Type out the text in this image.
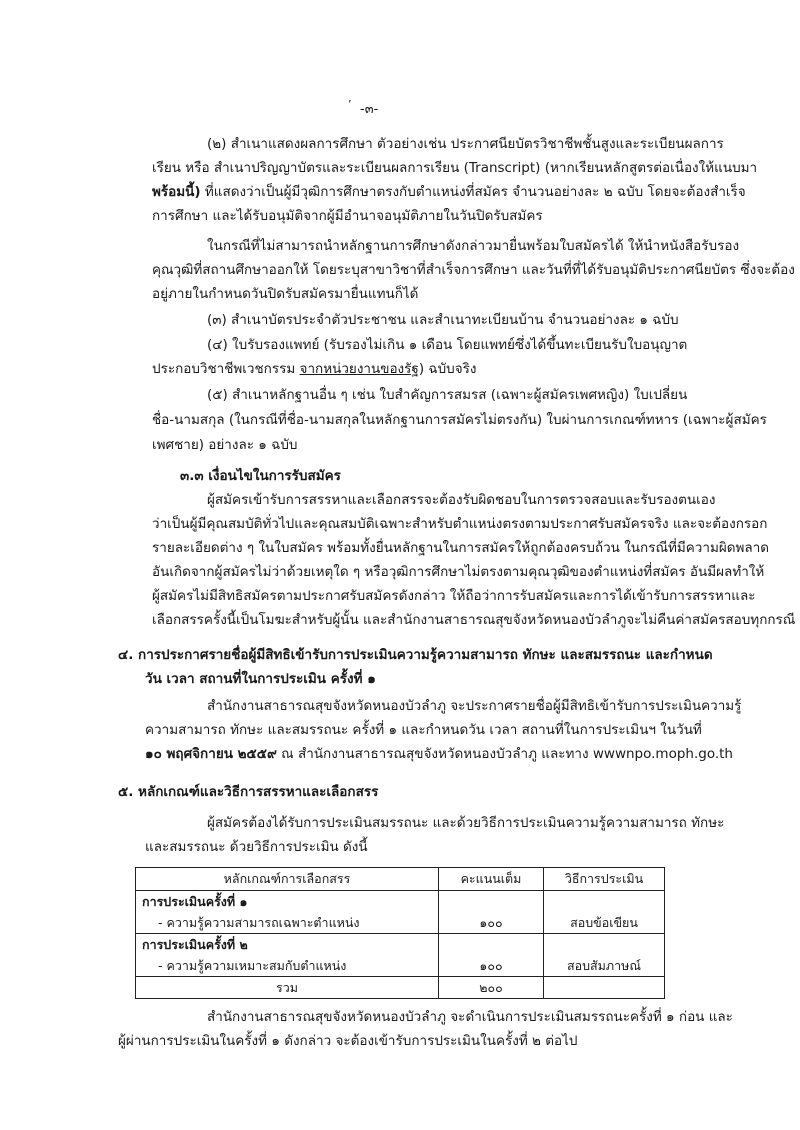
’ -๓-
(๒) สำเนาแสดงผลการศึกษา ตัวอย่างเช่น ประกาศนียบัตรวิชาชีพชั้นสูงและระเบียนผลการ
เรียน หรือ สำเนาปริญญาบัตรและระเบียนผลการเรียน (Transcript) (หากเรียนหลักสูตรต่อเนื่องให้แนบมา
พร้อมนี้) ที่แสดงว่าเป็นผู้มีวุฒิการศึกษาตรงกับตำแหน่งที่สมัคร จำนวนอย่างละ ๒ ฉบับ โดยจะต้องสำเร็จ
การศึกษา และได้รับอนุมัติจากผู้มีอำนาจอนุมัติภายในวันปิดรับสมัคร
ในกรณีที่ไม่สามารถนำหลักฐานการศึกษาดังกล่าวมายื่นพร้อมใบสมัครได้ ให้นำหนังสือรับรอง
คุณวุฒิที่สถานศึกษาออกให้ โดยระบุสาขาวิชาที่สำเร็จการศึกษา และวันที่ที่ได้รับอนุมัติประกาศนียบัตร ซึ่งจะต้อง
อยู่ภายในกำหนดวันปิดรับสมัครมายื่นแทนก็ได้
(๓) สำเนาบัตรประจำตัวประชาชน และสำเนาทะเบียนบ้าน จำนวนอย่างละ ๑ ฉบับ
(๔) ใบรับรองแพทย์ (รับรองไม่เกิน ๑ เดือน โดยแพทย์ซึ่งได้ขึ้นทะเบียนรับใบอนุญาต
ประกอบวิชาชีพเวชกรรม จากหน่วยงานของรัฐ) ฉบับจริง
(๕) สำเนาหลักฐานอื่น ๆ เช่น ใบสำคัญการสมรส (เฉพาะผู้สมัครเพศหญิง) ใบเปลี่ยน
ชื่อ-นามสกุล (ในกรณีที่ชื่อ-นามสกุลในหลักฐานการสมัครไม่ตรงกัน) ใบผ่านการเกณฑ์ทหาร (เฉพาะผู้สมัคร
เพศชาย) อย่างละ ๑ ฉบับ
๓.๓ เงื่อนไขในการรับสมัคร
ผู้สมัครเข้ารับการสรรหาและเลือกสรรจะต้องรับผิดชอบในการตรวจสอบและรับรองตนเอง
ว่าเป็นผู้มีคุณสมบัติทั่วไปและคุณสมบัติเฉพาะสำหรับตำแหน่งตรงตามประกาศรับสมัครจริง และจะต้องกรอก
รายละเอียดต่าง ๆ ในใบสมัคร พร้อมทั้งยื่นหลักฐานในการสมัครให้ถูกต้องครบถ้วน ในกรณีที่มีความผิดพลาด
อันเกิดจากผู้สมัครไม่ว่าด้วยเหตุใด ๆ หรือวุฒิการศึกษาไม่ตรงตามคุณวุฒิของตำแหน่งที่สมัคร อันมีผลทำให้
ผู้สมัครไม่มีสิทธิสมัครตามประกาศรับสมัครดังกล่าว ให้ถือว่าการรับสมัครและการได้เข้ารับการสรรหาและ
เลือกสรรครั้งนี้เป็นโมฆะสำหรับผู้นั้น และสำนักงานสาธารณสุขจังหวัดหนองบัวลำภูจะไม่คืนค่าสมัครสอบทุกกรณี
๔. การประกาศรายชื่อผู้มีสิทธิเข้ารับการประเมินความรู้ความสามารถ ทักษะ และสมรรถนะ และกำหนด
วัน เวลา สถานที่ในการประเมิน ครั้งที่ ๑
สำนักงานสาธารณสุขจังหวัดหนองบัวลำภู จะประกาศรายชื่อผู้มีสิทธิเข้ารับการประเมินความรู้
ความสามารถ ทักษะ และสมรรถนะ ครั้งที่ ๑ และกำหนดวัน เวลา สถานที่ในการประเมินฯ ในวันที่
๑๐ พฤศจิกายน ๒๕๕๙ ณ สำนักงานสาธารณสุขจังหวัดหนองบัวลำภู และทาง wwwnpo.moph.go.th
๕. หลักเกณฑ์และวิธีการสรรหาและเลือกสรร
ผู้สมัครต้องได้รับการประเมินสมรรถนะ และด้วยวิธีการประเมินความรู้ความสามารถ ทักษะ
และสมรรถนะ ด้วยวิธีการประเมิน ดังนี้
หลักเกณฑ์การเลือกสรร	คะแนนเต็ม	วิธีการประเมิน
การประเมินครั้งที่ ๑		
- ความรู้ความสามารถเฉพาะตำแหน่ง	๑๐๐	สอบข้อเขียน
การประเมินครั้งที่ ๒		
- ความรู้ความเหมาะสมกับตำแหน่ง	๑๐๐	สอบสัมภาษณ์
รวม	๒๐๐	
สำนักงานสาธารณสุขจังหวัดหนองบัวลำภู จะดำเนินการประเมินสมรรถนะครั้งที่ ๑ ก่อน และ
ผู้ผ่านการประเมินในครั้งที่ ๑ ดังกล่าว จะต้องเข้ารับการประเมินในครั้งที่ ๒ ต่อไป
